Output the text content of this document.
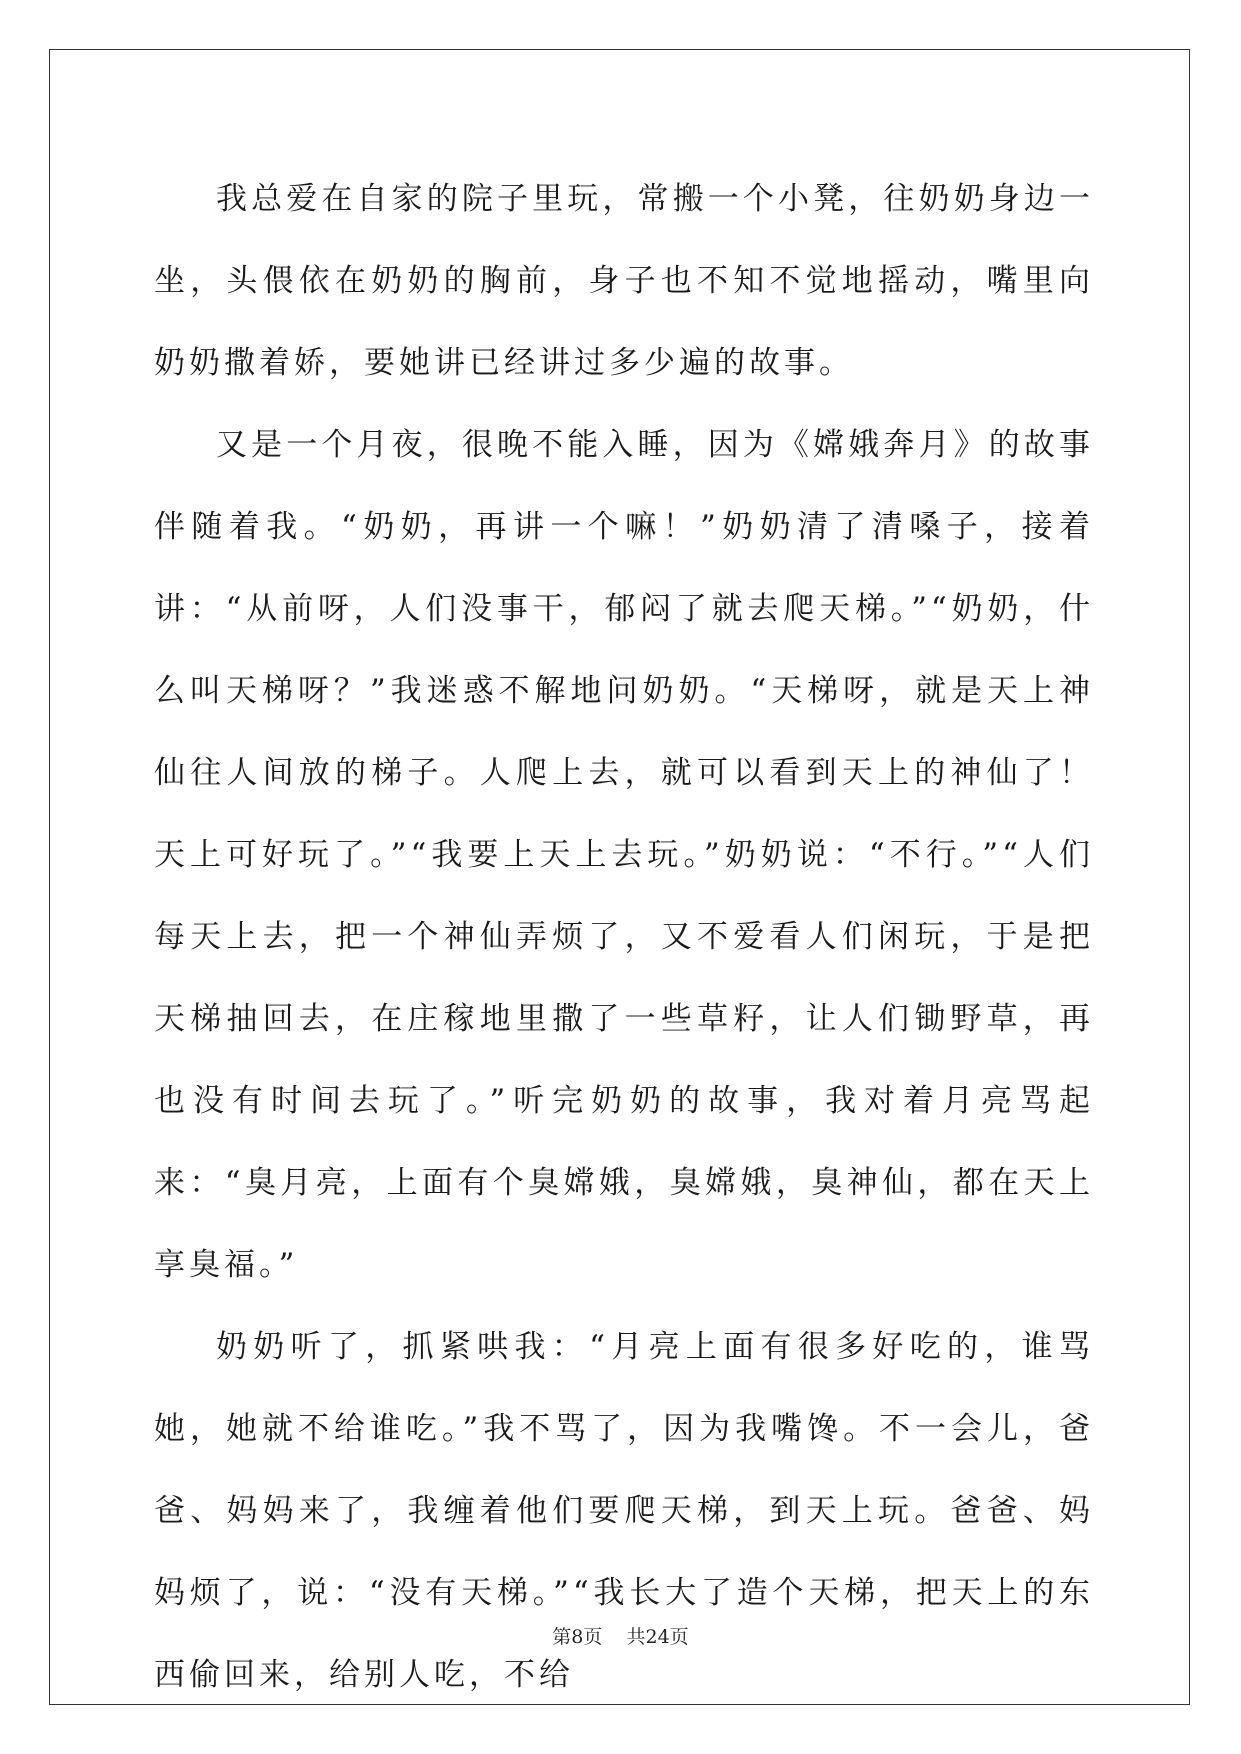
我总爱在自家的院子里玩，常搬一个小凳，往奶奶身边一坐，头偎依在奶奶的胸前，身子也不知不觉地摇动，嘴里向奶奶撒着娇，要她讲已经讲过多少遍的故事。

又是一个月夜，很晚不能入睡，因为《嫦娥奔月》的故事伴随着我。“奶奶，再讲一个嘛！”奶奶清了清嗓子，接着讲：“从前呀，人们没事干，郁闷了就去爬天梯。”“奶奶，什么叫天梯呀？”我迷惑不解地问奶奶。“天梯呀，就是天上神仙往人间放的梯子。人爬上去，就可以看到天上的神仙了！天上可好玩了。”“我要上天上去玩。”奶奶说：“不行。”“人们每天上去，把一个神仙弄烦了，又不爱看人们闲玩，于是把天梯抽回去，在庄稼地里撒了一些草籽，让人们锄野草，再也没有时间去玩了。”听完奶奶的故事，我对着月亮骂起来：“臭月亮，上面有个臭嫦娥，臭嫦娥，臭神仙，都在天上享臭福。”

奶奶听了，抓紧哄我：“月亮上面有很多好吃的，谁骂她，她就不给谁吃。”我不骂了，因为我嘴馋。不一会儿，爸爸、妈妈来了，我缠着他们要爬天梯，到天上玩。爸爸、妈妈烦了，说：“没有天梯。”“我长大了造个天梯，把天上的东西偷回来，给别人吃，不给

第8页    共24页
